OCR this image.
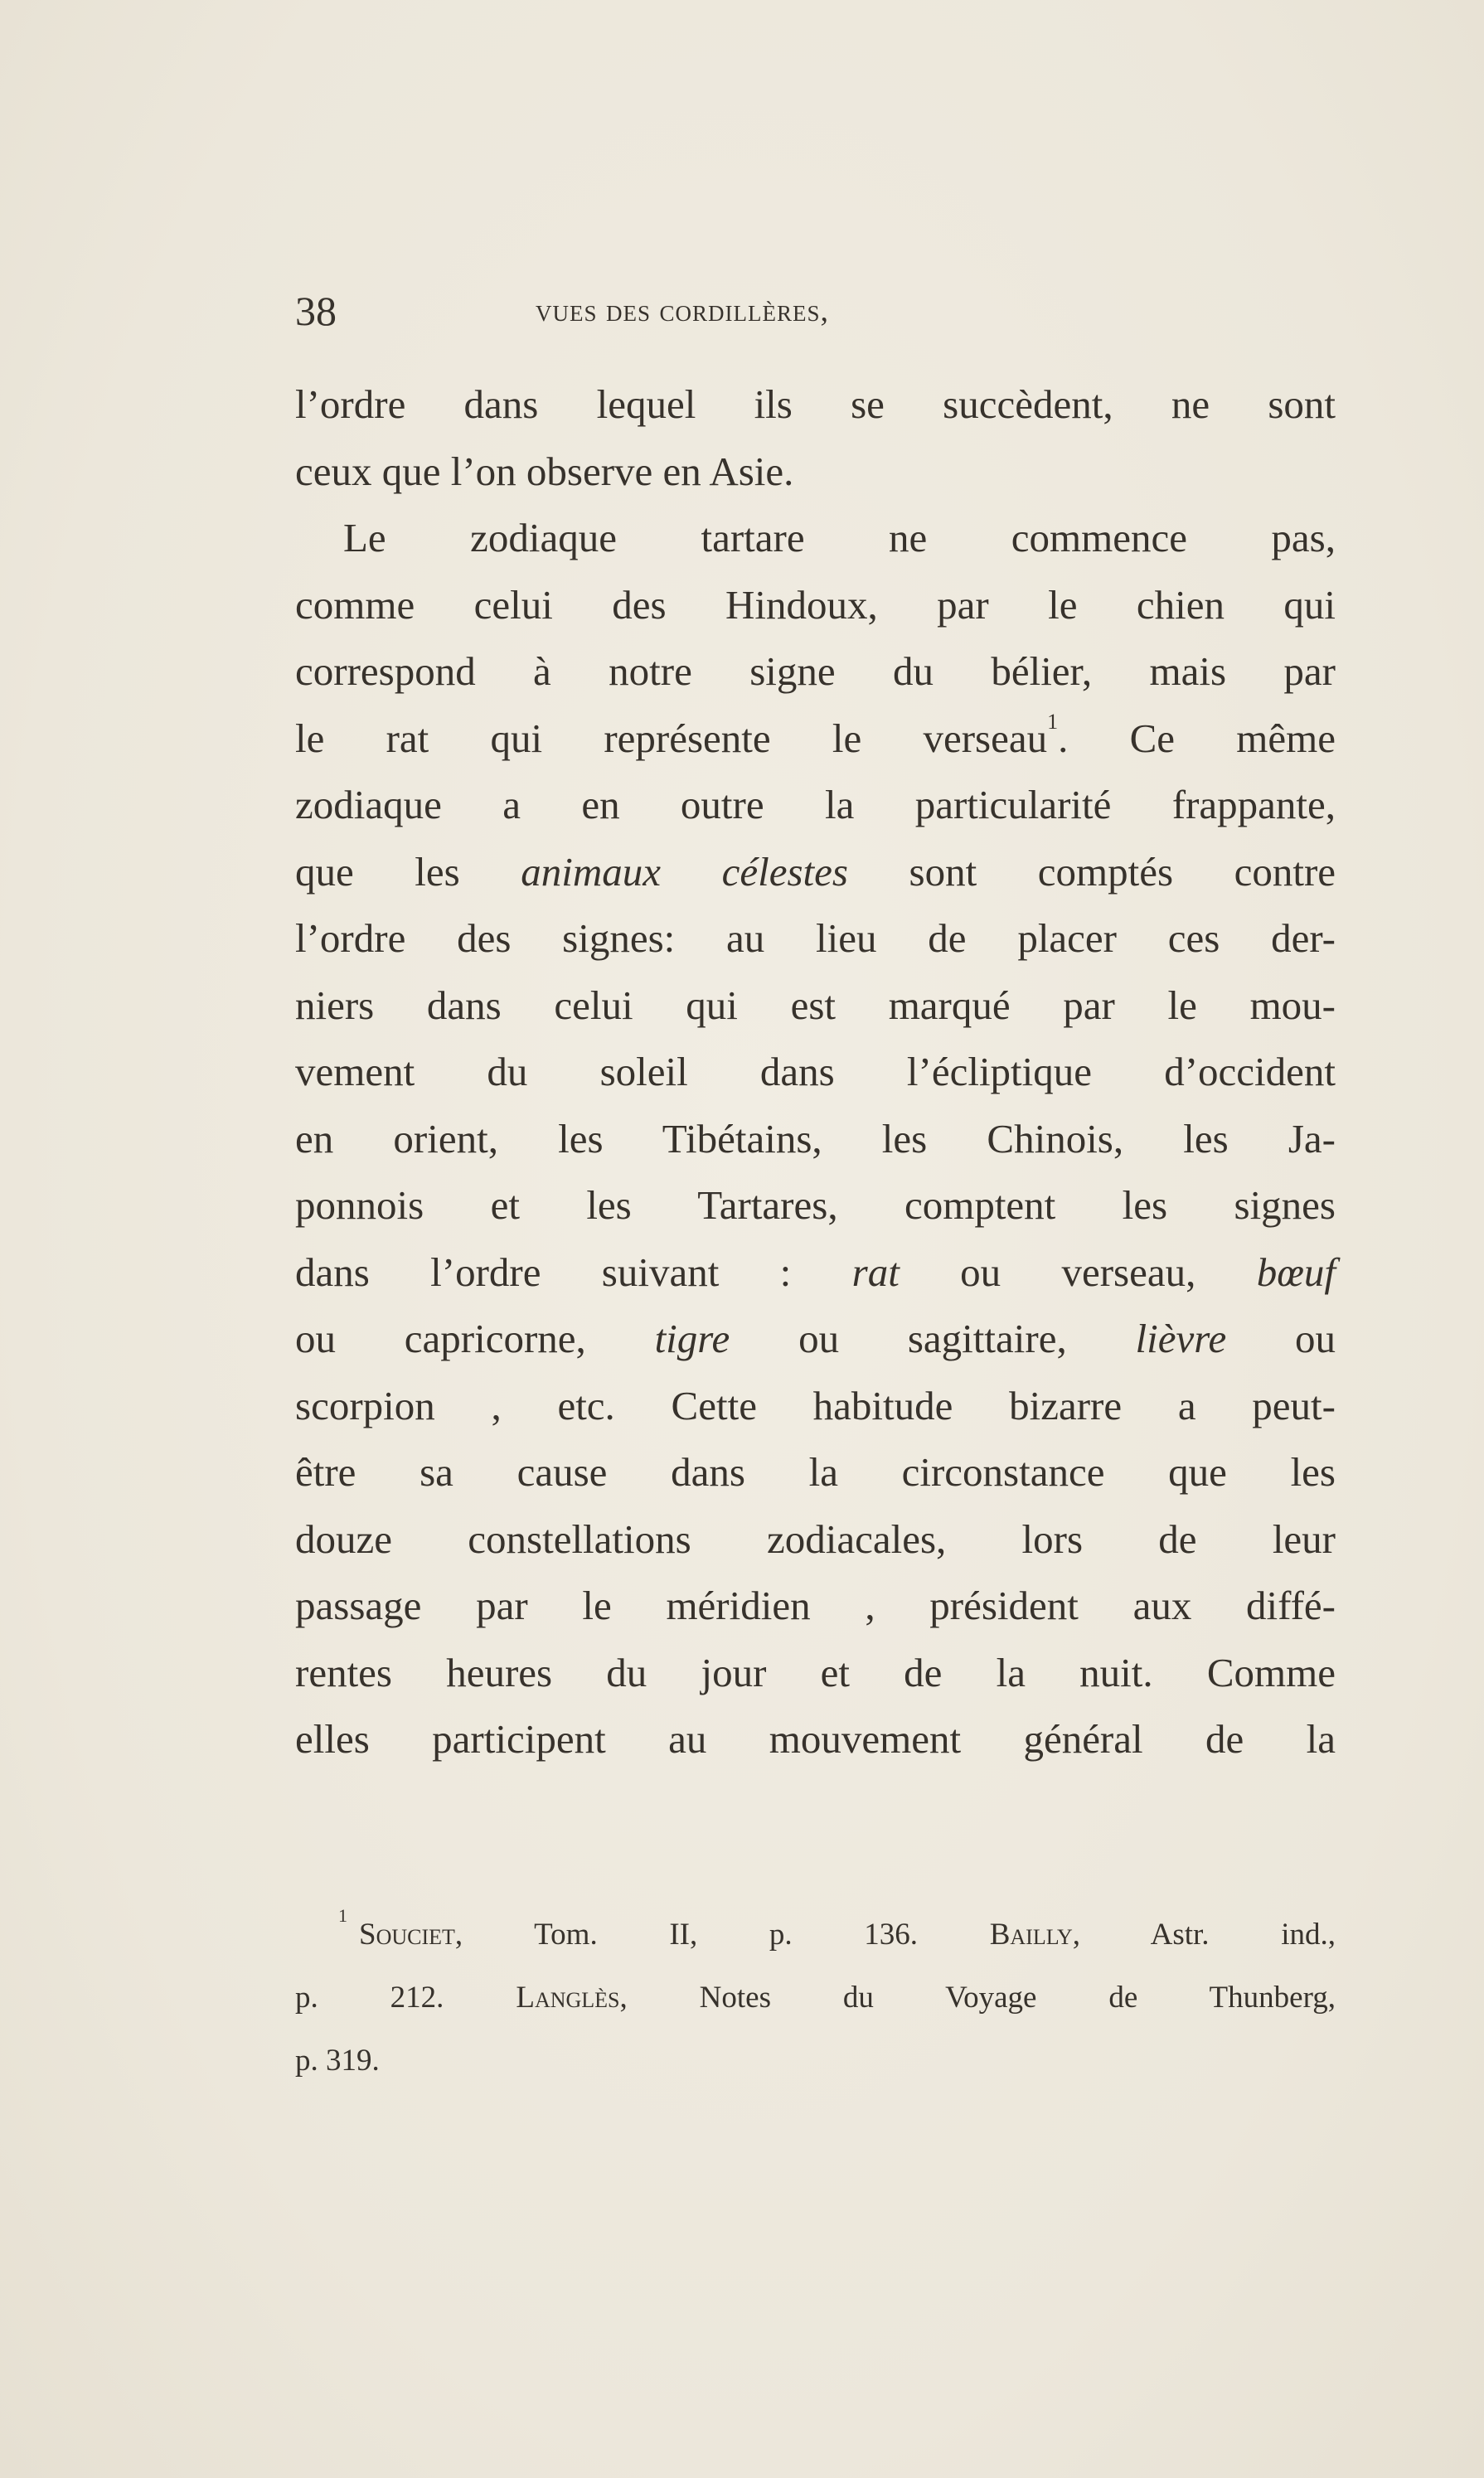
38	vues des cordillères,
l’ordre dans lequel ils se succèdent, ne sont
ceux que l’on observe en Asie.
Le zodiaque tartare ne commence pas,
comme celui des Hindoux, par le chien qui
correspond à notre signe du bélier, mais par
le rat qui représente le verseau$^1$. Ce même
zodiaque a en outre la particularité frappante,
que les animaux célestes sont comptés contre
l’ordre des signes: au lieu de placer ces der-
niers dans celui qui est marqué par le mou-
vement du soleil dans l’écliptique d’occident
en orient, les Tibétains, les Chinois, les Ja-
ponnois et les Tartares, comptent les signes
dans l’ordre suivant : rat ou verseau, bœuf
ou capricorne, tigre ou sagittaire, lièvre ou
scorpion , etc. Cette habitude bizarre a peut-
être sa cause dans la circonstance que les
douze constellations zodiacales, lors de leur
passage par le méridien , président aux diffé-
rentes heures du jour et de la nuit. Comme
elles participent au mouvement général de la
$^1$Souciet, Tom. II, p. 136. Bailly, Astr. ind.,
p. 212. Langlès, Notes du Voyage de Thunberg,
p. 319.
